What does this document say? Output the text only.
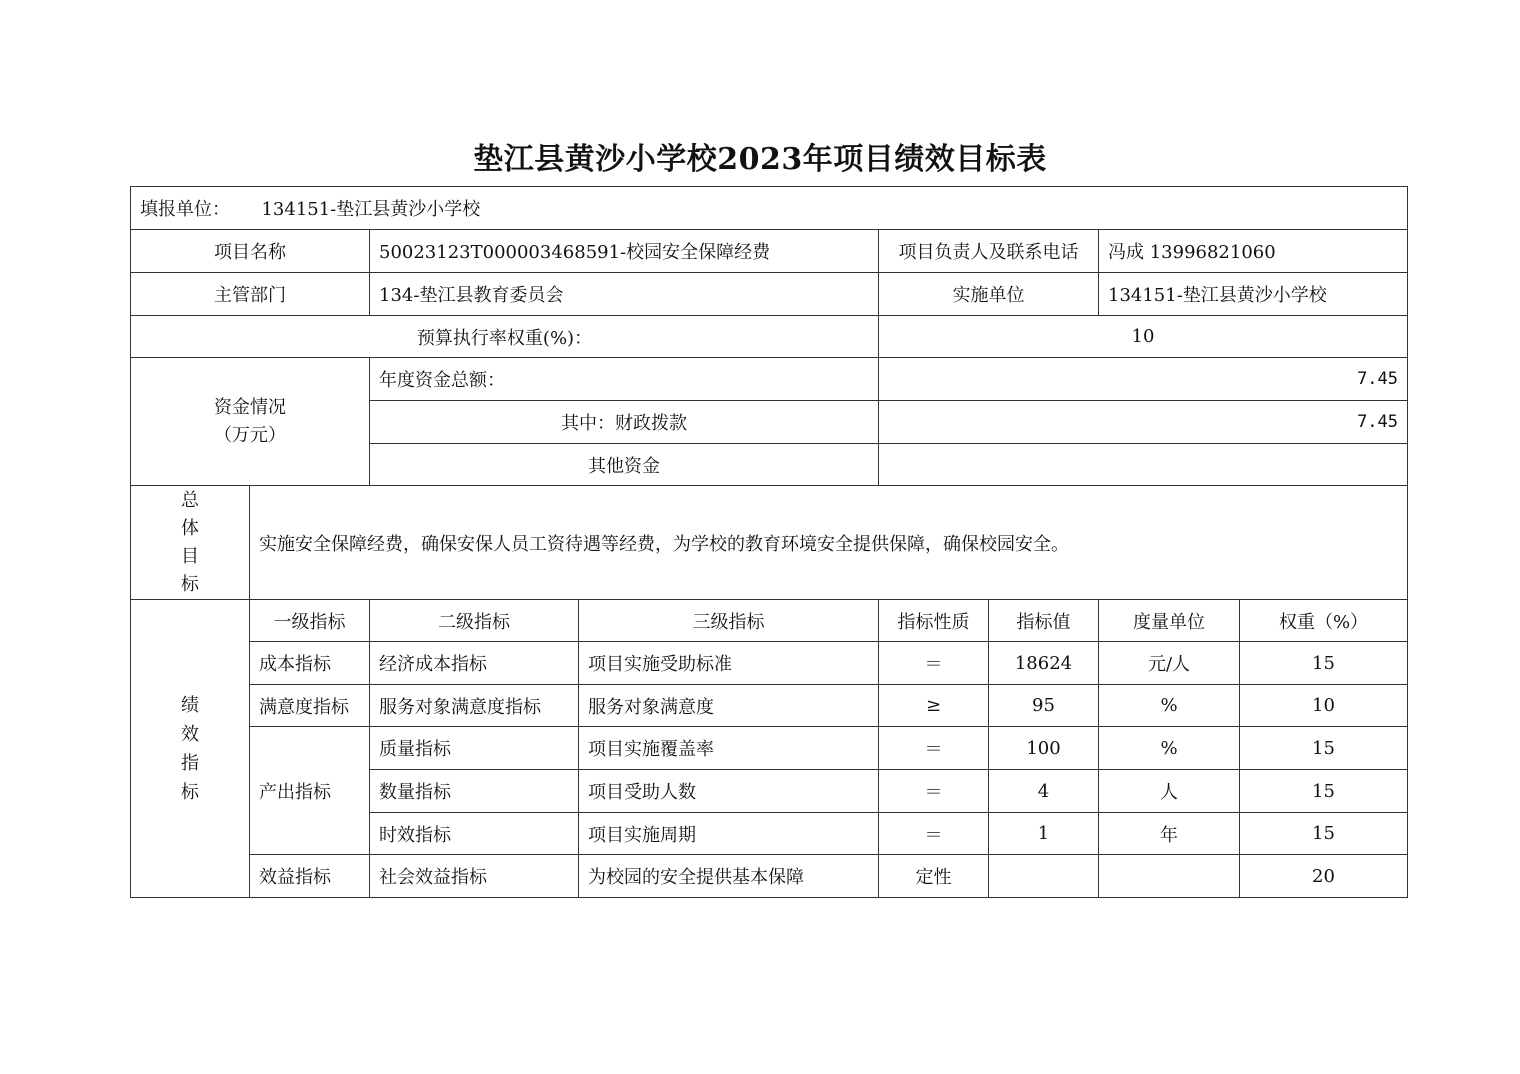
垫江县黄沙小学校2023年项目绩效目标表
填报单位： 134151-垫江县黄沙小学校							
项目名称		50023123T000003468591-校园安全保障经费		项目负责人及联系电话		冯成 13996821060	
主管部门		134-垫江县教育委员会		实施单位		134151-垫江县黄沙小学校	
预算执行率权重(%)：				10			

资金情况
（万元）		年度资金总额：		7.45			
		其中：财政拨款		7.45			
		其他资金					

总
体
目
标	实施安全保障经费，确保安保人员工资待遇等经费，为学校的教育环境安全提供保障，确保校园安全。						

绩
效
指
标	一级指标	二级指标	三级指标	指标性质	指标值	度量单位	权重（%）
	成本指标	经济成本指标	项目实施受助标准	＝	18624	元/人	15
	满意度指标	服务对象满意度指标	服务对象满意度	≥	95	%	10
	产出指标	质量指标	项目实施覆盖率	＝	100	%	15
		数量指标	项目受助人数	＝	4	人	15
		时效指标	项目实施周期	＝	1	年	15
	效益指标	社会效益指标	为校园的安全提供基本保障	定性			20
